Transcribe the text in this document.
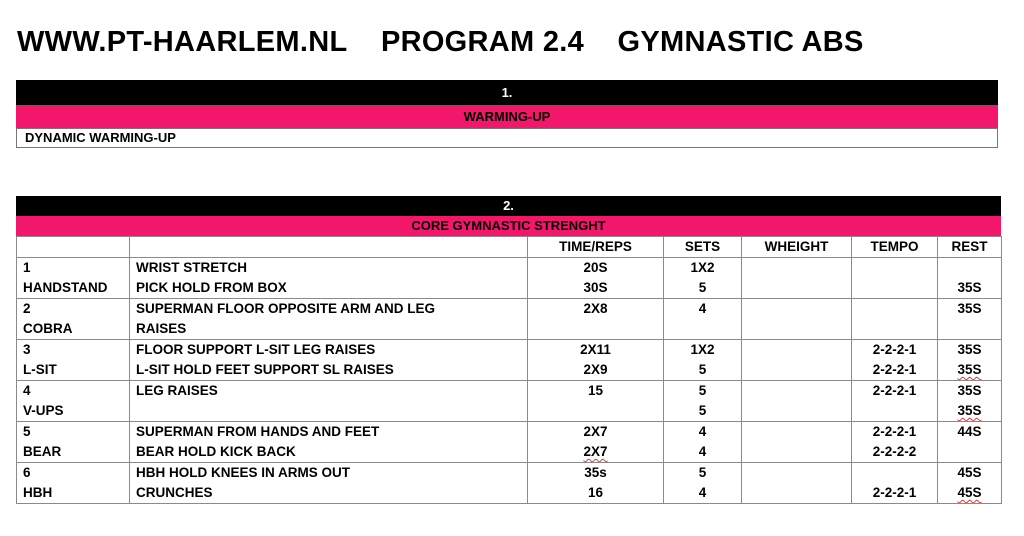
WWW.PT-HAARLEM.NL
PROGRAM 2.4
GYMNASTIC ABS
1.
WARMING-UP
DYNAMIC WARMING-UP
2.
CORE GYMNASTIC STRENGHT
		TIME/REPS	SETS	WHEIGHT	TEMPO	REST
1	WRIST STRETCH	20S	1X2			
HANDSTAND	PICK HOLD FROM BOX	30S	5			35S
2	SUPERMAN FLOOR OPPOSITE ARM AND LEG	2X8	4			35S
COBRA	RAISES					
3	FLOOR SUPPORT L-SIT LEG RAISES	2X11	1X2		2-2-2-1	35S
L-SIT	L-SIT HOLD FEET SUPPORT SL RAISES	2X9	5		2-2-2-1	35S
4	LEG RAISES	15	5		2-2-2-1	35S
V-UPS			5			35S
5	SUPERMAN FROM HANDS AND FEET	2X7	4		2-2-2-1	44S
BEAR	BEAR HOLD KICK BACK	2X7	4		2-2-2-2	
6	HBH HOLD KNEES IN ARMS OUT	35s	5			45S
HBH	CRUNCHES	16	4		2-2-2-1	45S
